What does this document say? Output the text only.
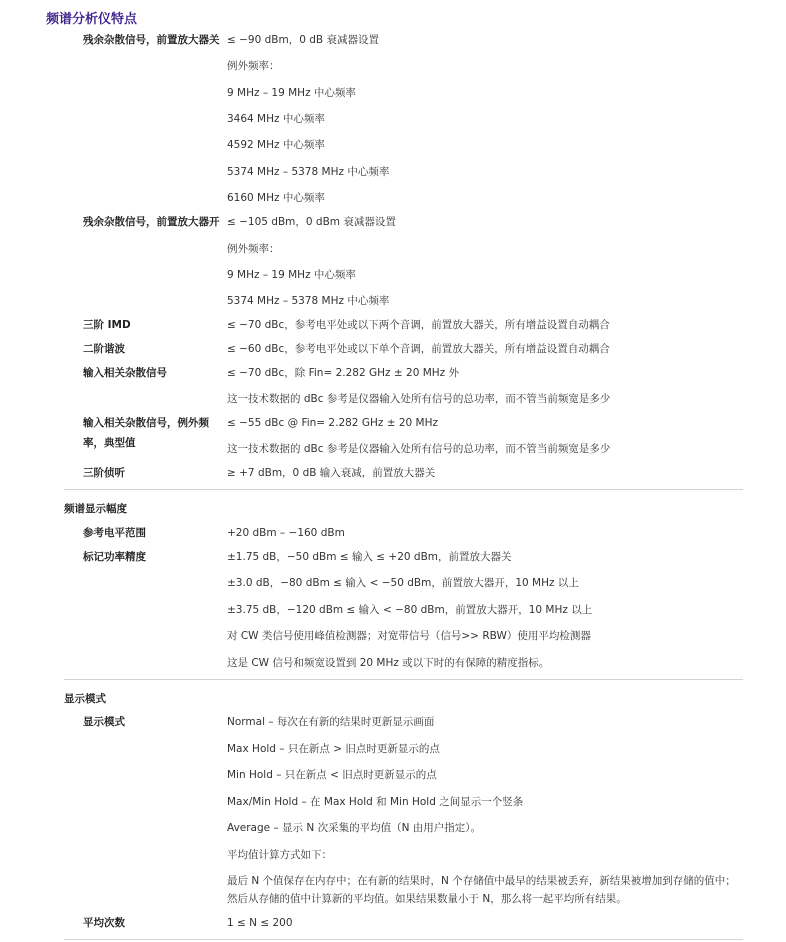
频谱分析仪特点
残余杂散信号，前置放大器关 ≤ −90 dBm，0 dB 衰减器设置
例外频率：
9 MHz – 19 MHz 中心频率
3464 MHz 中心频率
4592 MHz 中心频率
5374 MHz – 5378 MHz 中心频率
6160 MHz 中心频率
残余杂散信号，前置放大器开 ≤ −105 dBm，0 dBm 衰减器设置
例外频率：
9 MHz – 19 MHz 中心频率
5374 MHz – 5378 MHz 中心频率
三阶 IMD	≤ −70 dBc，参考电平处或以下两个音调，前置放大器关，所有增益设置自动耦合
二阶谐波	≤ −60 dBc，参考电平处或以下单个音调，前置放大器关，所有增益设置自动耦合
输入相关杂散信号	≤ −70 dBc，除 Fin= 2.282 GHz ± 20 MHz 外
这一技术数据的 dBc 参考是仪器输入处所有信号的总功率，而不管当前频宽是多少
输入相关杂散信号，例外频率，典型值
≤ −55 dBc @ Fin= 2.282 GHz ± 20 MHz
这一技术数据的 dBc 参考是仪器输入处所有信号的总功率，而不管当前频宽是多少
三阶侦听	≥ +7 dBm，0 dB 输入衰减，前置放大器关
频谱显示幅度
参考电平范围	+20 dBm – −160 dBm
标记功率精度	±1.75 dB，−50 dBm ≤ 输入 ≤ +20 dBm，前置放大器关
±3.0 dB，−80 dBm ≤ 输入 < −50 dBm，前置放大器开，10 MHz 以上
±3.75 dB，−120 dBm ≤ 输入 < −80 dBm，前置放大器开，10 MHz 以上
对 CW 类信号使用峰值检测器；对宽带信号（信号>> RBW）使用平均检测器
这是 CW 信号和频宽设置到 20 MHz 或以下时的有保障的精度指标。
显示模式
显示模式	Normal – 每次在有新的结果时更新显示画面
Max Hold – 只在新点 > 旧点时更新显示的点
Min Hold – 只在新点 < 旧点时更新显示的点
Max/Min Hold – 在 Max Hold 和 Min Hold 之间显示一个竖条
Average – 显示 N 次采集的平均值（N 由用户指定）。
平均值计算方式如下：
最后 N 个值保存在内存中；在有新的结果时，N 个存储值中最早的结果被丢弃，新结果被增加到存储的值中；然后从存储的值中计算新的平均值。如果结果数量小于 N，那么将一起平均所有结果。
平均次数	1 ≤ N ≤ 200
